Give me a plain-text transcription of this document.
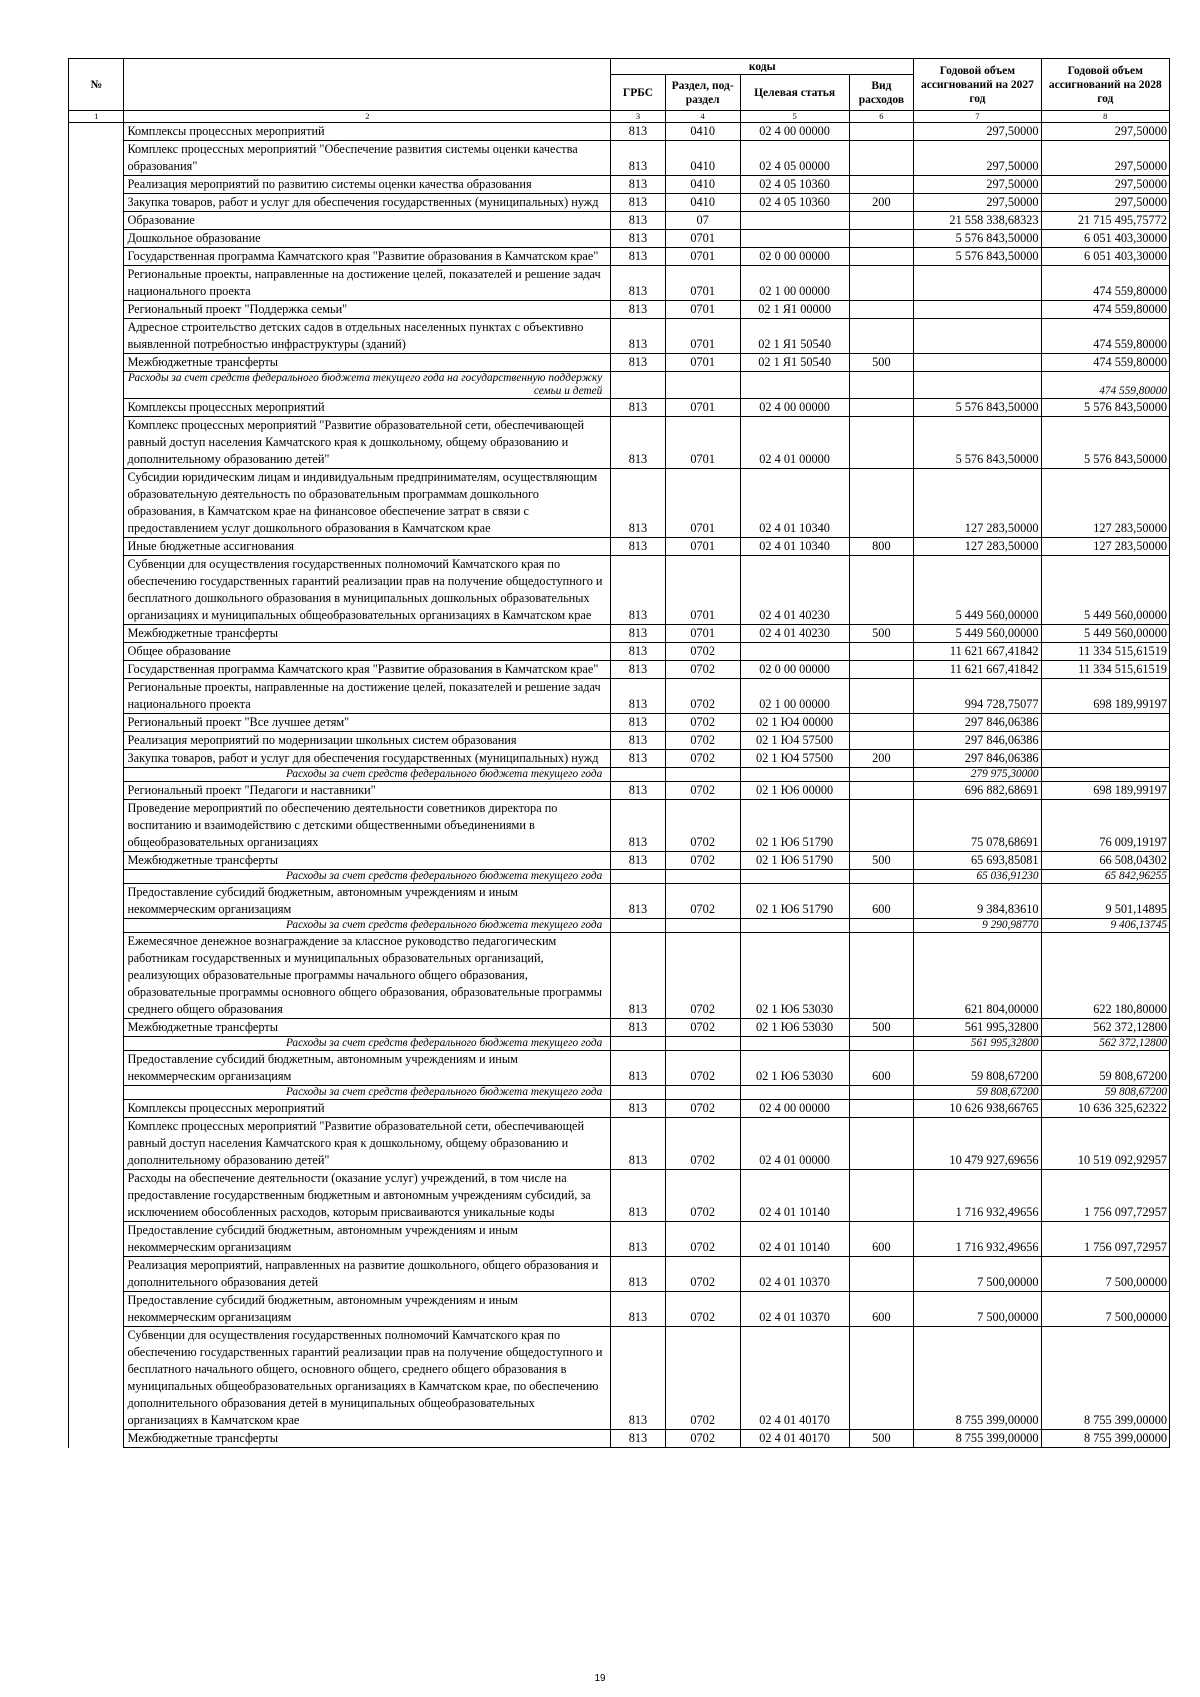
№		коды				Годовой объем ассигнований на 2027 год	Годовой объем ассигнований на 2028 год
		ГРБС	Раздел, под-раздел	Целевая статья	Вид расходов		
1	2	3	4	5	6	7	8
	Комплексы процессных мероприятий	813	0410	02 4 00 00000		297,50000	297,50000
	Комплекс процессных мероприятий "Обеспечение развития системы оценки качества образования"	813	0410	02 4 05 00000		297,50000	297,50000
	Реализация мероприятий по развитию системы оценки качества образования	813	0410	02 4 05 10360		297,50000	297,50000
	Закупка товаров, работ и услуг для обеспечения государственных (муниципальных) нужд	813	0410	02 4 05 10360	200	297,50000	297,50000
	Образование	813	07			21 558 338,68323	21 715 495,75772
	Дошкольное образование	813	0701			5 576 843,50000	6 051 403,30000
	Государственная программа Камчатского края "Развитие образования в Камчатском крае"	813	0701	02 0 00 00000		5 576 843,50000	6 051 403,30000
	Региональные проекты, направленные на достижение целей, показателей и решение задач национального проекта	813	0701	02 1 00 00000			474 559,80000
	Региональный проект "Поддержка семьи"	813	0701	02 1 Я1 00000			474 559,80000
	Адресное строительство детских садов в отдельных населенных пунктах с объективно выявленной потребностью инфраструктуры (зданий)	813	0701	02 1 Я1 50540			474 559,80000
	Межбюджетные трансферты	813	0701	02 1 Я1 50540	500		474 559,80000
	Расходы за счет средств федерального бюджета текущего года на государственную поддержку семьи и детей						474 559,80000
	Комплексы процессных мероприятий	813	0701	02 4 00 00000		5 576 843,50000	5 576 843,50000
	Комплекс процессных мероприятий "Развитие образовательной сети, обеспечивающей равный доступ населения Камчатского края к дошкольному, общему образованию и дополнительному образованию детей"	813	0701	02 4 01 00000		5 576 843,50000	5 576 843,50000
	Субсидии юридическим лицам и индивидуальным предпринимателям, осуществляющим образовательную деятельность по образовательным программам дошкольного образования, в Камчатском крае на финансовое обеспечение затрат в связи с предоставлением услуг дошкольного образования в Камчатском крае	813	0701	02 4 01 10340		127 283,50000	127 283,50000
	Иные бюджетные ассигнования	813	0701	02 4 01 10340	800	127 283,50000	127 283,50000
	Субвенции для осуществления государственных полномочий Камчатского края по обеспечению государственных гарантий реализации прав на получение общедоступного и бесплатного дошкольного образования в муниципальных дошкольных образовательных организациях и муниципальных общеобразовательных организациях в Камчатском крае	813	0701	02 4 01 40230		5 449 560,00000	5 449 560,00000
	Межбюджетные трансферты	813	0701	02 4 01 40230	500	5 449 560,00000	5 449 560,00000
	Общее образование	813	0702			11 621 667,41842	11 334 515,61519
	Государственная программа Камчатского края "Развитие образования в Камчатском крае"	813	0702	02 0 00 00000		11 621 667,41842	11 334 515,61519
	Региональные проекты, направленные на достижение целей, показателей и решение задач национального проекта	813	0702	02 1 00 00000		994 728,75077	698 189,99197
	Региональный проект "Все лучшее детям"	813	0702	02 1 Ю4 00000		297 846,06386	
	Реализация мероприятий по модернизации школьных систем образования	813	0702	02 1 Ю4 57500		297 846,06386	
	Закупка товаров, работ и услуг для обеспечения государственных (муниципальных) нужд	813	0702	02 1 Ю4 57500	200	297 846,06386	
	Расходы за счет средств федерального бюджета текущего года					279 975,30000	
	Региональный проект "Педагоги и наставники"	813	0702	02 1 Ю6 00000		696 882,68691	698 189,99197
	Проведение мероприятий по обеспечению деятельности советников директора по воспитанию и взаимодействию с детскими общественными объединениями в общеобразовательных организациях	813	0702	02 1 Ю6 51790		75 078,68691	76 009,19197
	Межбюджетные трансферты	813	0702	02 1 Ю6 51790	500	65 693,85081	66 508,04302
	Расходы за счет средств федерального бюджета текущего года					65 036,91230	65 842,96255
	Предоставление субсидий бюджетным, автономным учреждениям и иным некоммерческим организациям	813	0702	02 1 Ю6 51790	600	9 384,83610	9 501,14895
	Расходы за счет средств федерального бюджета текущего года					9 290,98770	9 406,13745
	Ежемесячное денежное вознаграждение за классное руководство педагогическим работникам государственных и муниципальных образовательных организаций, реализующих образовательные программы начального общего образования, образовательные программы основного общего образования, образовательные программы среднего общего образования	813	0702	02 1 Ю6 53030		621 804,00000	622 180,80000
	Межбюджетные трансферты	813	0702	02 1 Ю6 53030	500	561 995,32800	562 372,12800
	Расходы за счет средств федерального бюджета текущего года					561 995,32800	562 372,12800
	Предоставление субсидий бюджетным, автономным учреждениям и иным некоммерческим организациям	813	0702	02 1 Ю6 53030	600	59 808,67200	59 808,67200
	Расходы за счет средств федерального бюджета текущего года					59 808,67200	59 808,67200
	Комплексы процессных мероприятий	813	0702	02 4 00 00000		10 626 938,66765	10 636 325,62322
	Комплекс процессных мероприятий "Развитие образовательной сети, обеспечивающей равный доступ населения Камчатского края к дошкольному, общему образованию и дополнительному образованию детей"	813	0702	02 4 01 00000		10 479 927,69656	10 519 092,92957
	Расходы на обеспечение деятельности (оказание услуг) учреждений, в том числе на предоставление государственным бюджетным и автономным учреждениям субсидий, за исключением обособленных расходов, которым присваиваются уникальные коды	813	0702	02 4 01 10140		1 716 932,49656	1 756 097,72957
	Предоставление субсидий бюджетным, автономным учреждениям и иным некоммерческим организациям	813	0702	02 4 01 10140	600	1 716 932,49656	1 756 097,72957
	Реализация мероприятий, направленных на развитие дошкольного, общего образования и дополнительного образования детей	813	0702	02 4 01 10370		7 500,00000	7 500,00000
	Предоставление субсидий бюджетным, автономным учреждениям и иным некоммерческим организациям	813	0702	02 4 01 10370	600	7 500,00000	7 500,00000
	Субвенции для осуществления государственных полномочий Камчатского края по обеспечению государственных гарантий реализации прав на получение общедоступного и бесплатного начального общего, основного общего, среднего общего образования в муниципальных общеобразовательных организациях в Камчатском крае, по обеспечению дополнительного образования детей в муниципальных общеобразовательных организациях в Камчатском крае	813	0702	02 4 01 40170		8 755 399,00000	8 755 399,00000
	Межбюджетные трансферты	813	0702	02 4 01 40170	500	8 755 399,00000	8 755 399,00000
19
